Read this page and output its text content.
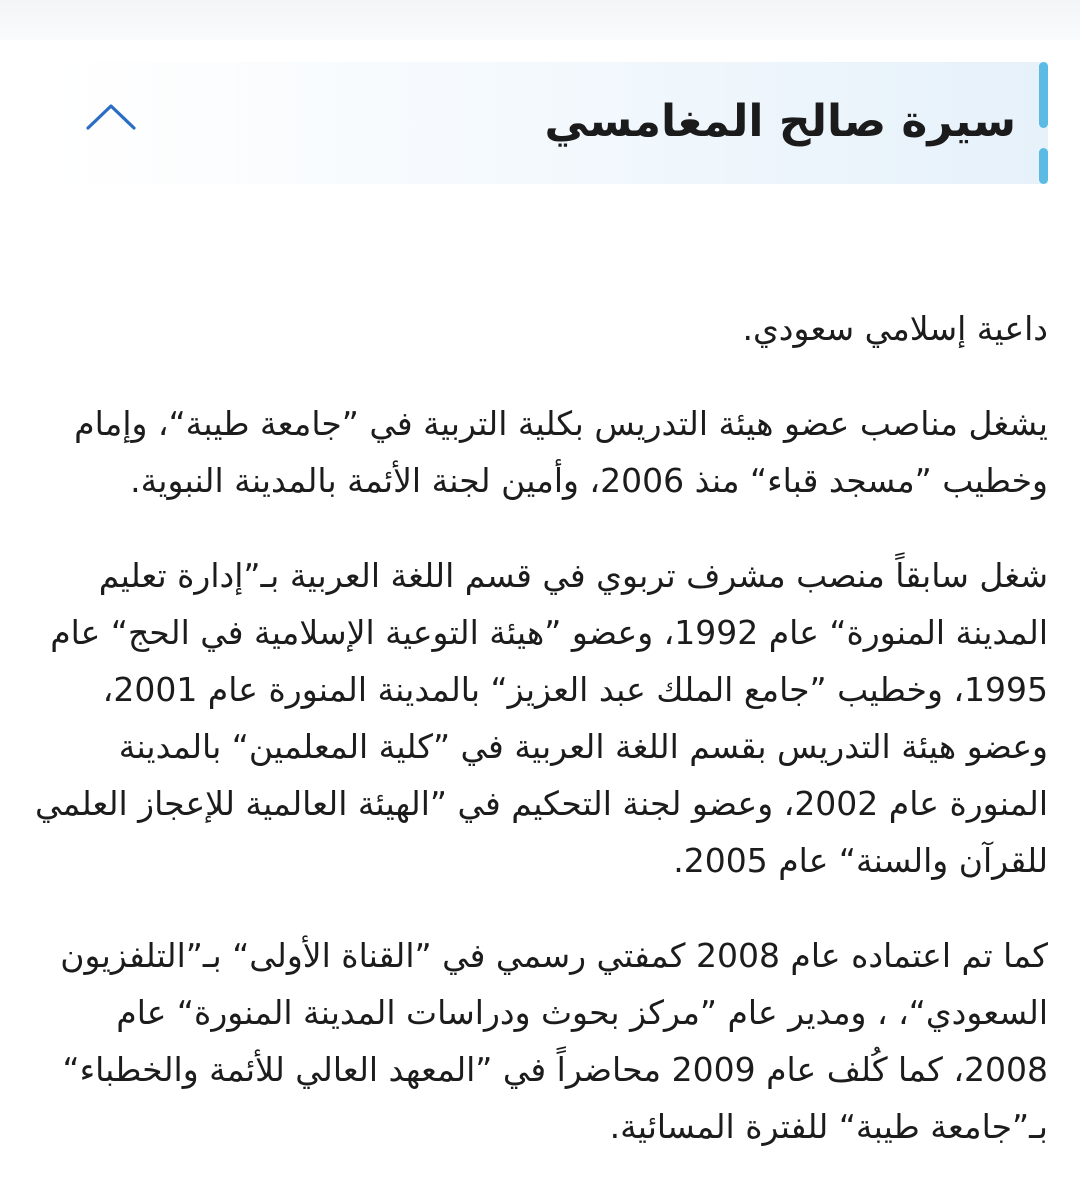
سيرة صالح المغامسي

داعية إسلامي سعودي.

يشغل مناصب عضو هيئة التدريس بكلية التربية في ”جامعة طيبة“، وإمام وخطيب ”مسجد قباء“ منذ 2006، وأمين لجنة الأئمة بالمدينة النبوية.

شغل سابقاً منصب مشرف تربوي في قسم اللغة العربية بـ”إدارة تعليم المدينة المنورة“ عام 1992، وعضو ”هيئة التوعية الإسلامية في الحج“ عام 1995، وخطيب ”جامع الملك عبد العزيز“ بالمدينة المنورة عام 2001، وعضو هيئة التدريس بقسم اللغة العربية في ”كلية المعلمين“ بالمدينة المنورة عام 2002، وعضو لجنة التحكيم في ”الهيئة العالمية للإعجاز العلمي للقرآن والسنة“ عام 2005.

كما تم اعتماده عام 2008 كمفتي رسمي في ”القناة الأولى“ بـ”التلفزيون السعودي“، ، ومدير عام ”مركز بحوث ودراسات المدينة المنورة“ عام 2008، كما كُلف عام 2009 محاضراً في ”المعهد العالي للأئمة والخطباء“ بـ”جامعة طيبة“ للفترة المسائية.
